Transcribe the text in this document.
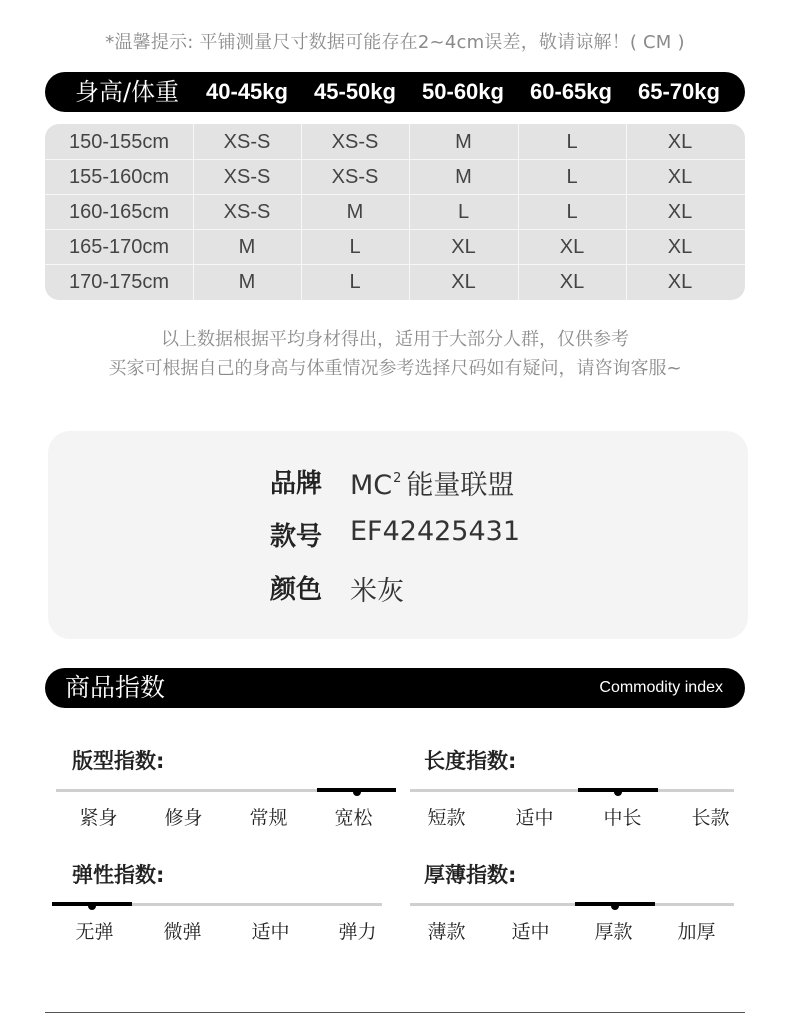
*温馨提示: 平铺测量尺寸数据可能存在2~4cm误差，敬请谅解！( CM )
身高/体重	40-45kg	45-50kg	50-60kg	60-65kg	65-70kg
150-155cm	XS-S	XS-S	M	L	XL
155-160cm	XS-S	XS-S	M	L	XL
160-165cm	XS-S	M	L	L	XL
165-170cm	M	L	XL	XL	XL
170-175cm	M	L	XL	XL	XL
以上数据根据平均身材得出，适用于大部分人群，仅供参考
买家可根据自己的身高与体重情况参考选择尺码如有疑问，请咨询客服~
品牌	$MC^2$ 能量联盟
款号	EF42425431
颜色	米灰
商品指数	Commodity index
版型指数:
紧身	修身	常规	宽松
长度指数:
短款	适中	中长	长款
弹性指数:
无弹	微弹	适中	弹力
厚薄指数:
薄款	适中	厚款	加厚
